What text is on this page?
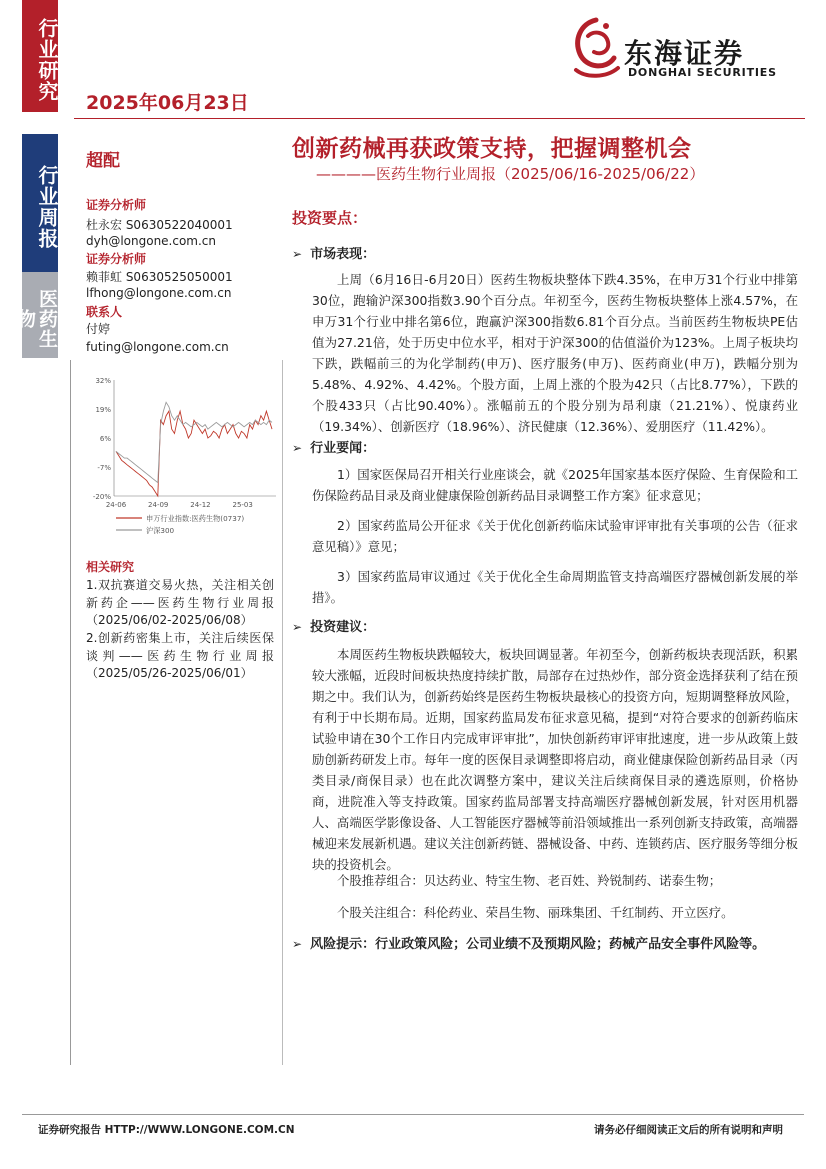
行业研究
行业周报
医药生物
2025年06月23日
东海证券
DONGHAI SECURITIES
超配
证券分析师
杜永宏 S0630522040001
dyh@longone.com.cn
证券分析师
赖菲虹 S0630525050001
lfhong@longone.com.cn
联系人
付婷
futing@longone.com.cn
32%
19%
6%
-7%
-20%
24-06	24-09	24-12	25-03
申万行业指数:医药生物(0737)
沪深300
相关研究
1.双抗赛道交易火热，关注相关创新药企——医药生物行业周报（2025/06/02-2025/06/08）
2.创新药密集上市，关注后续医保谈判——医药生物行业周报（2025/05/26-2025/06/01）
创新药械再获政策支持，把握调整机会
————医药生物行业周报（2025/06/16-2025/06/22）
投资要点：
➢ 市场表现：
上周（6月16日-6月20日）医药生物板块整体下跌4.35%，在申万31个行业中排第30位，跑输沪深300指数3.90个百分点。年初至今，医药生物板块整体上涨4.57%，在申万31个行业中排名第6位，跑赢沪深300指数6.81个百分点。当前医药生物板块PE估值为27.21倍，处于历史中位水平，相对于沪深300的估值溢价为123%。上周子板块均下跌，跌幅前三的为化学制药(申万)、医疗服务(申万)、医药商业(申万)，跌幅分别为5.48%、4.92%、4.42%。个股方面，上周上涨的个股为42只（占比8.77%），下跌的个股433只（占比90.40%）。涨幅前五的个股分别为昂利康（21.21%）、悦康药业（19.34%）、创新医疗（18.96%）、济民健康（12.36%）、爱朋医疗（11.42%）。
➢ 行业要闻：
1）国家医保局召开相关行业座谈会，就《2025年国家基本医疗保险、生育保险和工伤保险药品目录及商业健康保险创新药品目录调整工作方案》征求意见；
2）国家药监局公开征求《关于优化创新药临床试验审评审批有关事项的公告（征求意见稿）》意见；
3）国家药监局审议通过《关于优化全生命周期监管支持高端医疗器械创新发展的举措》。
➢ 投资建议：
本周医药生物板块跌幅较大，板块回调显著。年初至今，创新药板块表现活跃，积累较大涨幅，近段时间板块热度持续扩散，局部存在过热炒作，部分资金选择获利了结在预期之中。我们认为，创新药始终是医药生物板块最核心的投资方向，短期调整释放风险，有利于中长期布局。近期，国家药监局发布征求意见稿，提到“对符合要求的创新药临床试验申请在30个工作日内完成审评审批”，加快创新药审评审批速度，进一步从政策上鼓励创新药研发上市。每年一度的医保目录调整即将启动，商业健康保险创新药品目录（丙类目录/商保目录）也在此次调整方案中，建议关注后续商保目录的遴选原则，价格协商，进院准入等支持政策。国家药监局部署支持高端医疗器械创新发展，针对医用机器人、高端医学影像设备、人工智能医疗器械等前沿领域推出一系列创新支持政策，高端器械迎来发展新机遇。建议关注创新药链、器械设备、中药、连锁药店、医疗服务等细分板块的投资机会。
个股推荐组合：贝达药业、特宝生物、老百姓、羚锐制药、诺泰生物；
个股关注组合：科伦药业、荣昌生物、丽珠集团、千红制药、开立医疗。
➢ 风险提示：行业政策风险；公司业绩不及预期风险；药械产品安全事件风险等。
证券研究报告 HTTP://WWW.LONGONE.COM.CN	请务必仔细阅读正文后的所有说明和声明
